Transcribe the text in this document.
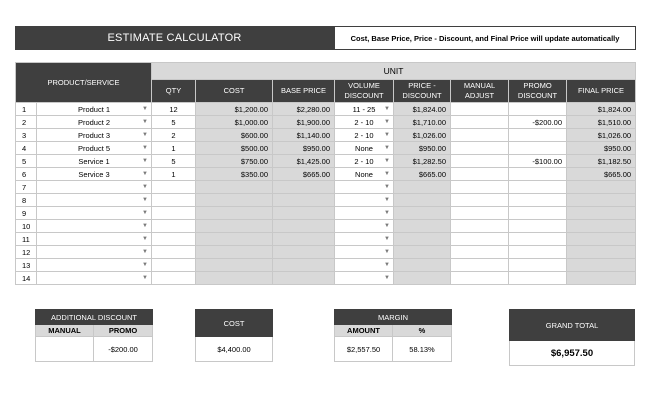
ESTIMATE CALCULATOR	Cost, Base Price, Price - Discount, and Final Price will update automatically
PRODUCT/SERVICE		UNIT							
		QTY	COST	BASE PRICE	VOLUME DISCOUNT	PRICE - DISCOUNT	MANUAL ADJUST	PROMO DISCOUNT	FINAL PRICE
1	Product 1 ▼	12	$1,200.00	$2,280.00	11 - 25 ▼	$1,824.00			$1,824.00
2	Product 2 ▼	5	$1,000.00	$1,900.00	2 - 10 ▼	$1,710.00		-$200.00	$1,510.00
3	Product 3 ▼	2	$600.00	$1,140.00	2 - 10 ▼	$1,026.00			$1,026.00
4	Product 5 ▼	1	$500.00	$950.00	None ▼	$950.00			$950.00
5	Service 1 ▼	5	$750.00	$1,425.00	2 - 10 ▼	$1,282.50		-$100.00	$1,182.50
6	Service 3 ▼	1	$350.00	$665.00	None ▼	$665.00			$665.00
7	▼				▼				

8	▼				▼				

9	▼				▼				

10	▼				▼				

11	▼				▼				

12	▼				▼				

13	▼				▼				

14	▼				▼				

ADDITIONAL DISCOUNT	
MANUAL	PROMO
	-$200.00
COST
$4,400.00
MARGIN	
AMOUNT	%
$2,557.50	58.13%
GRAND TOTAL
$6,957.50
